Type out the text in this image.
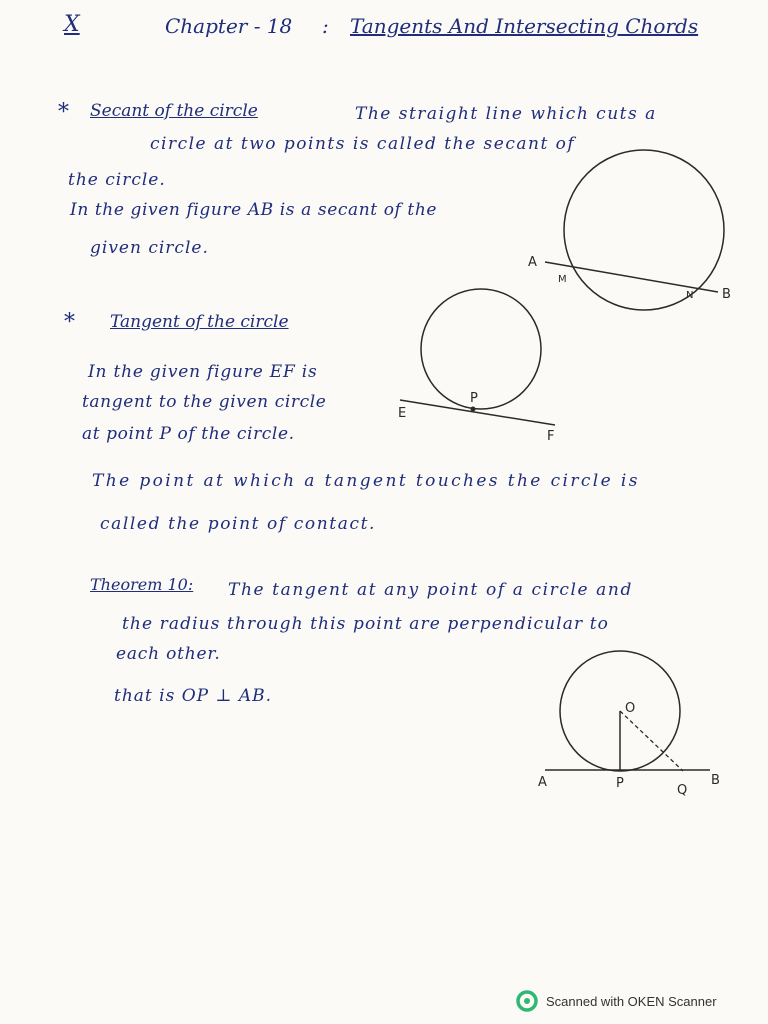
X	Chapter - 18 : Tangents And Intersecting Chords
* Secant of the circle	The straight line which cuts a
circle at two points is called the secant of
the circle.
In the given figure AB is a secant of the
given circle.
* Tangent of the circle
In the given figure EF is
tangent to the given circle
at point P of the circle.
The point at which a tangent touches the circle is
called the point of contact.
Theorem 10: The tangent at any point of a circle and
the radius through this point are perpendicular to
each other.
that is OP ⊥ AB.
A
B
M
N
E
F
P
O
A	P	B
Q
Scanned with OKEN Scanner
